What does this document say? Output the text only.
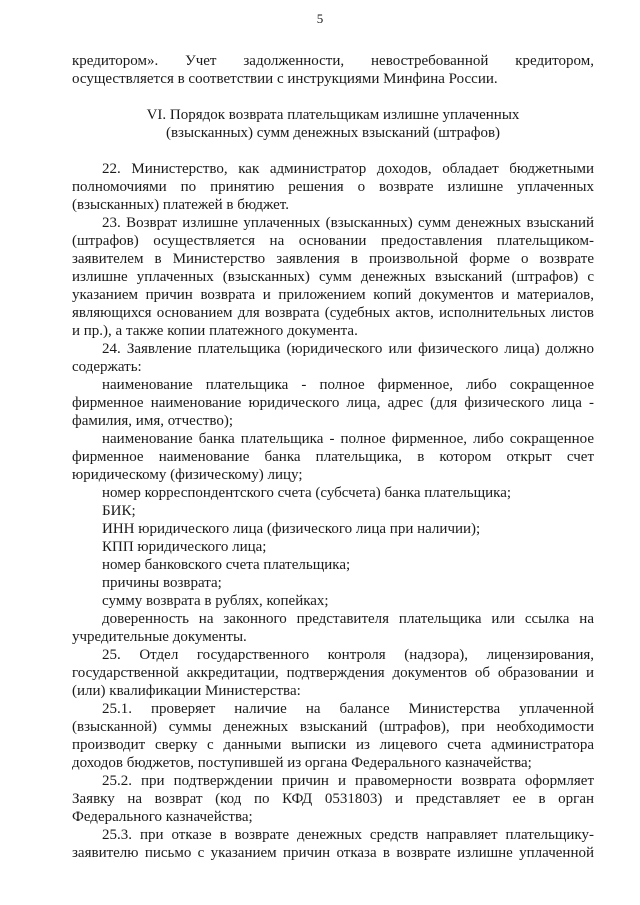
5
кредитором». Учет задолженности, невостребованной кредитором,
осуществляется в соответствии с инструкциями Минфина России.
VI. Порядок возврата плательщикам излишне уплаченных
(взысканных) сумм денежных взысканий (штрафов)
22. Министерство, как администратор доходов, обладает бюджетными
полномочиями по принятию решения о возврате излишне уплаченных
(взысканных) платежей в бюджет.
23. Возврат излишне уплаченных (взысканных) сумм денежных взысканий
(штрафов) осуществляется на основании предоставления плательщиком-
заявителем в Министерство заявления в произвольной форме о возврате
излишне уплаченных (взысканных) сумм денежных взысканий (штрафов) с
указанием причин возврата и приложением копий документов и материалов,
являющихся основанием для возврата (судебных актов, исполнительных листов
и пр.), а также копии платежного документа.
24. Заявление плательщика (юридического или физического лица) должно
содержать:
наименование плательщика - полное фирменное, либо сокращенное
фирменное наименование юридического лица, адрес (для физического лица -
фамилия, имя, отчество);
наименование банка плательщика - полное фирменное, либо сокращенное
фирменное наименование банка плательщика, в котором открыт счет
юридическому (физическому) лицу;
номер корреспондентского счета (субсчета) банка плательщика;
БИК;
ИНН юридического лица (физического лица при наличии);
КПП юридического лица;
номер банковского счета плательщика;
причины возврата;
сумму возврата в рублях, копейках;
доверенность на законного представителя плательщика или ссылка на
учредительные документы.
25. Отдел государственного контроля (надзора), лицензирования,
государственной аккредитации, подтверждения документов об образовании и
(или) квалификации Министерства:
25.1. проверяет наличие на балансе Министерства уплаченной
(взысканной) суммы денежных взысканий (штрафов), при необходимости
производит сверку с данными выписки из лицевого счета администратора
доходов бюджетов, поступившей из органа Федерального казначейства;
25.2. при подтверждении причин и правомерности возврата оформляет
Заявку на возврат (код по КФД 0531803) и представляет ее в орган
Федерального казначейства;
25.3. при отказе в возврате денежных средств направляет плательщику-
заявителю письмо с указанием причин отказа в возврате излишне уплаченной
